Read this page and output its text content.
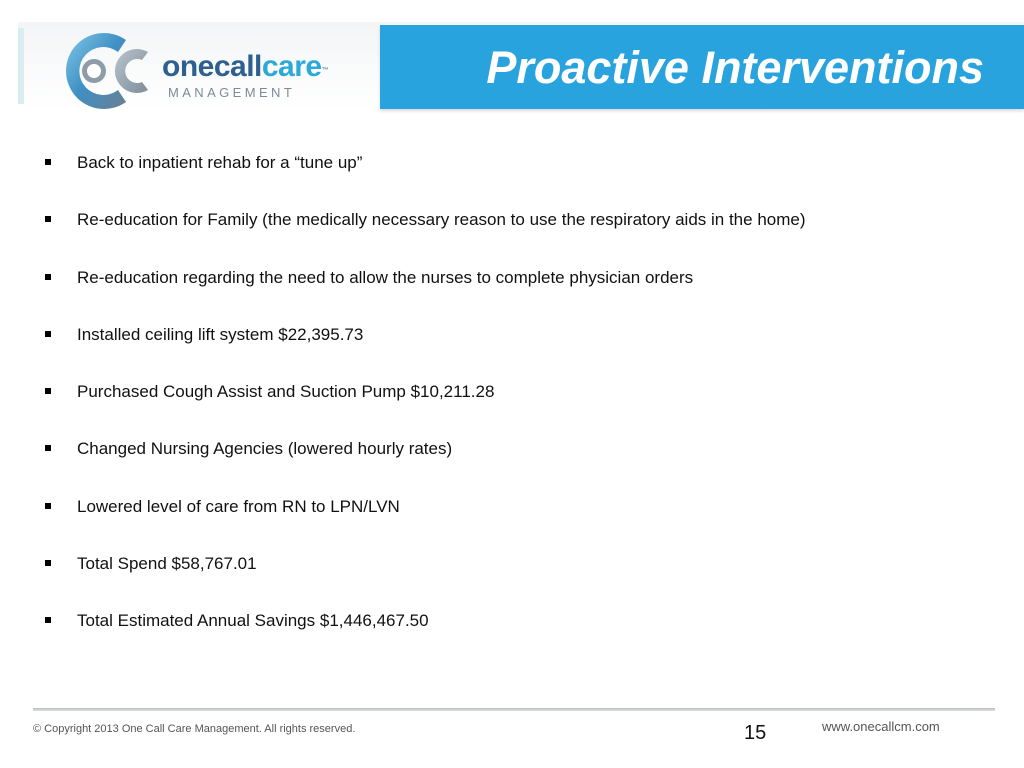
onecallcare™
MANAGEMENT	Proactive Interventions
Back to inpatient rehab for a “tune up”
Re-education for Family (the medically necessary reason to use the respiratory aids in the home)
Re-education regarding the need to allow the nurses to complete physician orders
Installed ceiling lift system $22,395.73
Purchased Cough Assist and Suction Pump $10,211.28
Changed Nursing Agencies (lowered hourly rates)
Lowered level of care from RN to LPN/LVN
Total Spend $58,767.01
Total Estimated Annual Savings $1,446,467.50
© Copyright 2013 One Call Care Management. All rights reserved.	15	www.onecallcm.com
